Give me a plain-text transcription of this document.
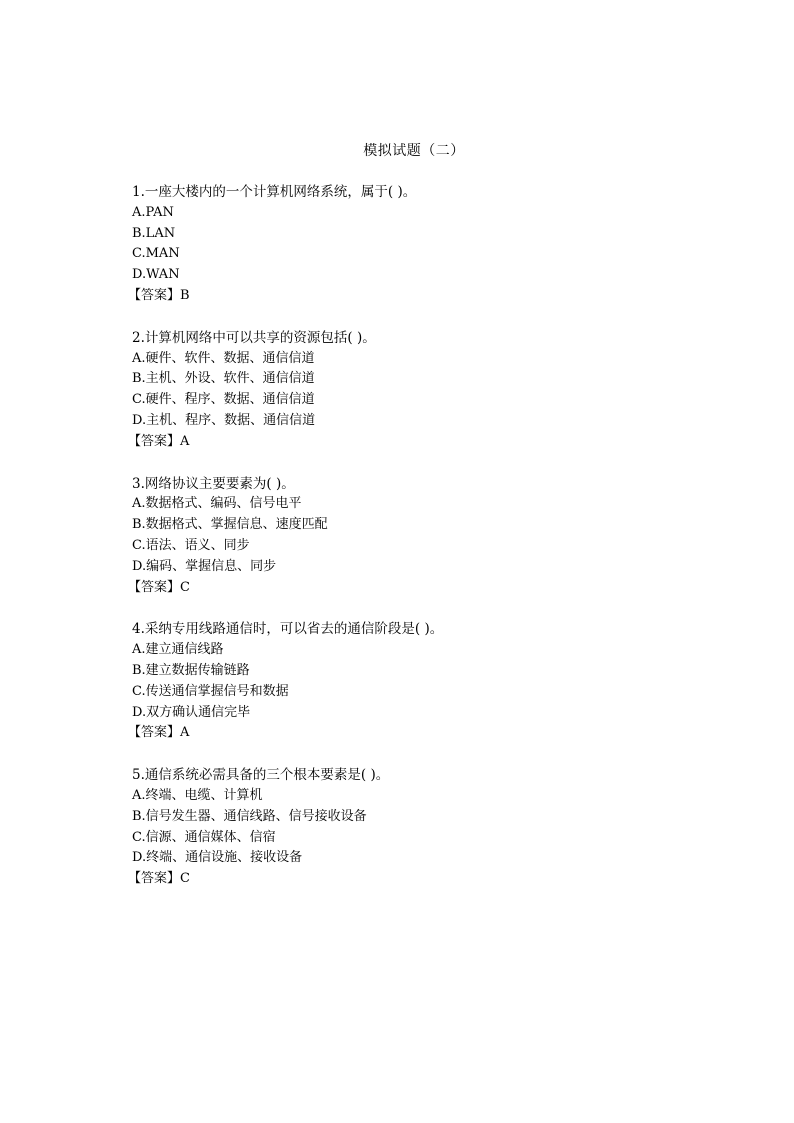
模拟试题（二）
1.一座大楼内的一个计算机网络系统，属于( )。
A.PAN
B.LAN
C.MAN
D.WAN
【答案】B
2.计算机网络中可以共享的资源包括( )。
A.硬件、软件、数据、通信信道
B.主机、外设、软件、通信信道
C.硬件、程序、数据、通信信道
D.主机、程序、数据、通信信道
【答案】A
3.网络协议主要要素为( )。
A.数据格式、编码、信号电平
B.数据格式、掌握信息、速度匹配
C.语法、语义、同步
D.编码、掌握信息、同步
【答案】C
4.采纳专用线路通信时，可以省去的通信阶段是( )。
A.建立通信线路
B.建立数据传输链路
C.传送通信掌握信号和数据
D.双方确认通信完毕
【答案】A
5.通信系统必需具备的三个根本要素是( )。
A.终端、电缆、计算机
B.信号发生器、通信线路、信号接收设备
C.信源、通信媒体、信宿
D.终端、通信设施、接收设备
【答案】C
